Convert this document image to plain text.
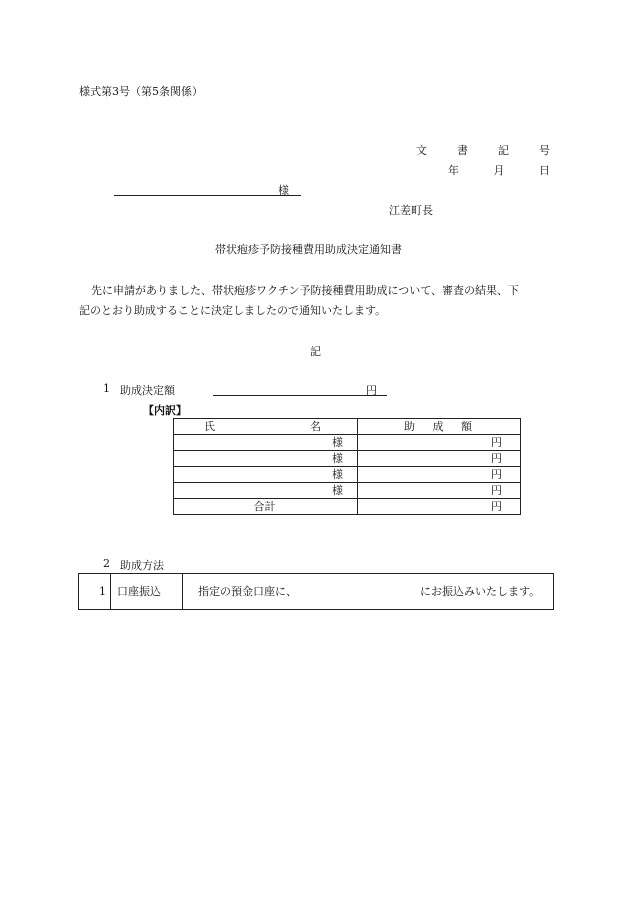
様式第3号（第5条関係）
文	書	記	号
年	月	日
様
江差町長
帯状疱疹予防接種費用助成決定通知書
先に申請がありました、帯状疱疹ワクチン予防接種費用助成について、審査の結果、下
記のとおり助成することに決定しましたので通知いたします。
記
1 助成決定額	円
【内訳】
氏 名	助 成 額

様	円
様	円
様	円
様	円
合計	円
2 助成方法
1 口座振込	指定の預金口座に、	にお振込みいたします。
